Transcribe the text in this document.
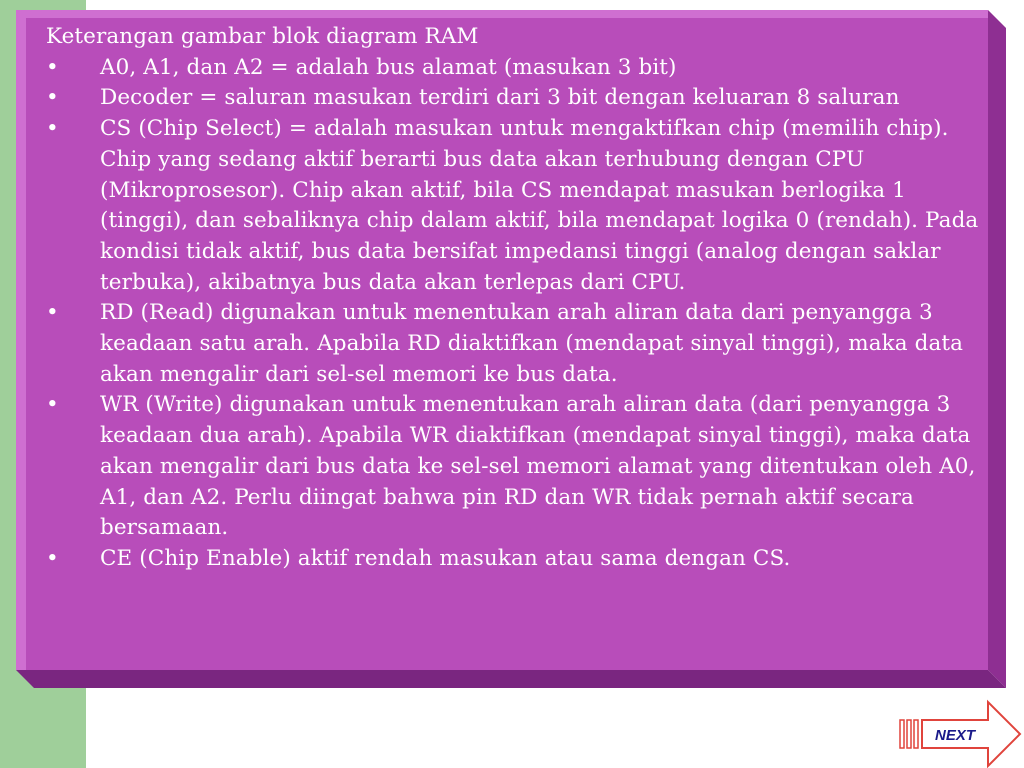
Keterangan gambar blok diagram RAM

•	A0, A1, dan A2 = adalah bus alamat (masukan 3 bit)
•	Decoder = saluran masukan terdiri dari 3 bit dengan keluaran 8 saluran
•	CS (Chip Select) = adalah masukan untuk mengaktifkan chip (memilih chip). Chip yang sedang aktif berarti bus data akan terhubung dengan CPU (Mikroprosesor). Chip akan aktif, bila CS mendapat masukan berlogika 1 (tinggi), dan sebaliknya chip dalam aktif, bila mendapat logika 0 (rendah). Pada kondisi tidak aktif, bus data bersifat impedansi tinggi (analog dengan saklar terbuka), akibatnya bus data akan terlepas dari CPU.
•	RD (Read) digunakan untuk menentukan arah aliran data dari penyangga 3 keadaan satu arah. Apabila RD diaktifkan (mendapat sinyal tinggi), maka data akan mengalir dari sel-sel memori ke bus data.
•	WR (Write) digunakan untuk menentukan arah aliran data (dari penyangga 3 keadaan dua arah). Apabila WR diaktifkan (mendapat sinyal tinggi), maka data akan mengalir dari bus data ke sel-sel memori alamat yang ditentukan oleh A0, A1, dan A2. Perlu diingat bahwa pin RD dan WR tidak pernah aktif secara bersamaan.
•	CE (Chip Enable) aktif rendah masukan atau sama dengan CS.
NEXT
